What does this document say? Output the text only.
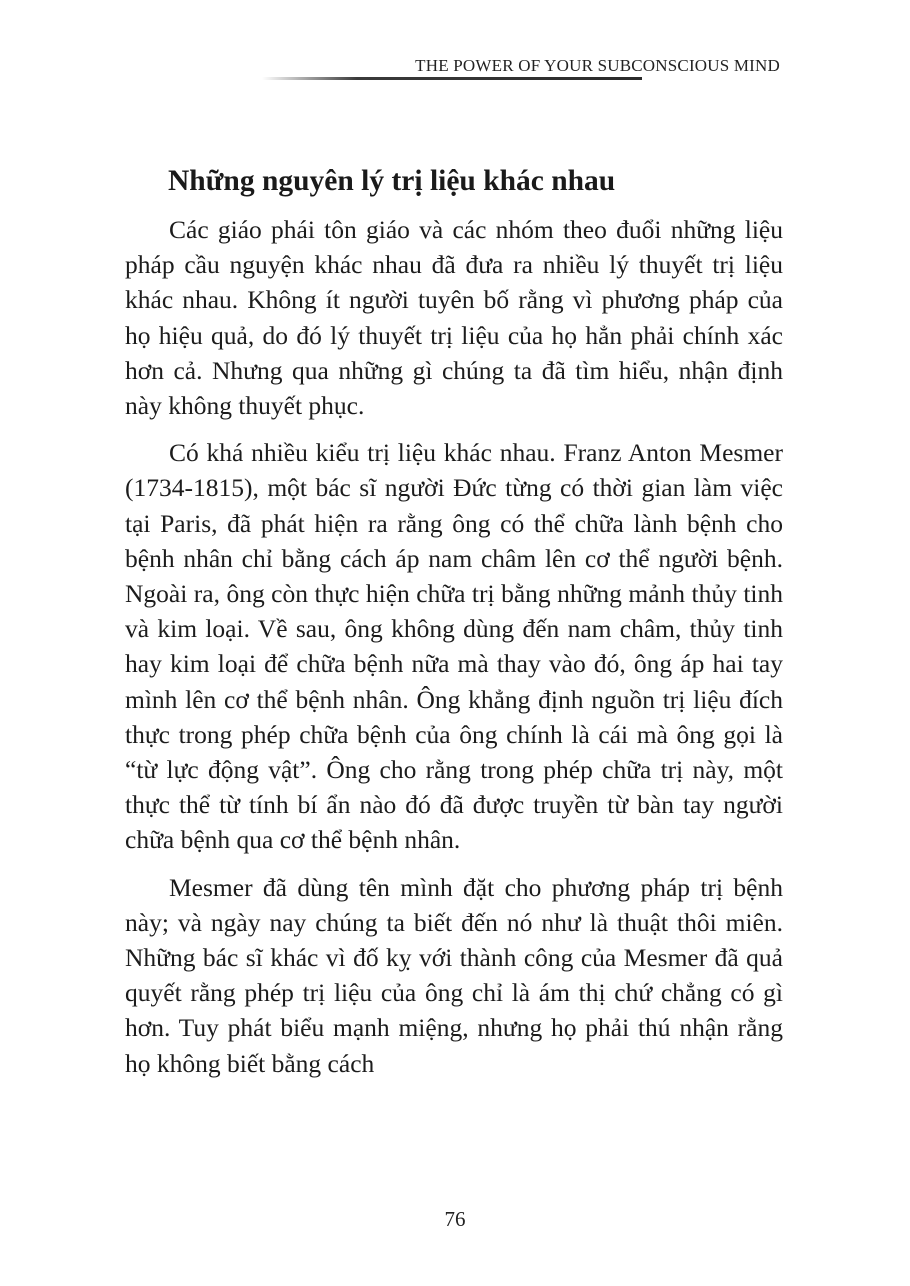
THE POWER OF YOUR SUBCONSCIOUS MIND
Những nguyên lý trị liệu khác nhau

Các giáo phái tôn giáo và các nhóm theo đuổi những liệu pháp cầu nguyện khác nhau đã đưa ra nhiều lý thuyết trị liệu khác nhau. Không ít người tuyên bố rằng vì phương pháp của họ hiệu quả, do đó lý thuyết trị liệu của họ hẳn phải chính xác hơn cả. Nhưng qua những gì chúng ta đã tìm hiểu, nhận định này không thuyết phục.

Có khá nhiều kiểu trị liệu khác nhau. Franz Anton Mesmer (1734-1815), một bác sĩ người Đức từng có thời gian làm việc tại Paris, đã phát hiện ra rằng ông có thể chữa lành bệnh cho bệnh nhân chỉ bằng cách áp nam châm lên cơ thể người bệnh. Ngoài ra, ông còn thực hiện chữa trị bằng những mảnh thủy tinh và kim loại. Về sau, ông không dùng đến nam châm, thủy tinh hay kim loại để chữa bệnh nữa mà thay vào đó, ông áp hai tay mình lên cơ thể bệnh nhân. Ông khẳng định nguồn trị liệu đích thực trong phép chữa bệnh của ông chính là cái mà ông gọi là “từ lực động vật”. Ông cho rằng trong phép chữa trị này, một thực thể từ tính bí ẩn nào đó đã được truyền từ bàn tay người chữa bệnh qua cơ thể bệnh nhân.

Mesmer đã dùng tên mình đặt cho phương pháp trị bệnh này; và ngày nay chúng ta biết đến nó như là thuật thôi miên. Những bác sĩ khác vì đố kỵ với thành công của Mesmer đã quả quyết rằng phép trị liệu của ông chỉ là ám thị chứ chẳng có gì hơn. Tuy phát biểu mạnh miệng, nhưng họ phải thú nhận rằng họ không biết bằng cách

76
